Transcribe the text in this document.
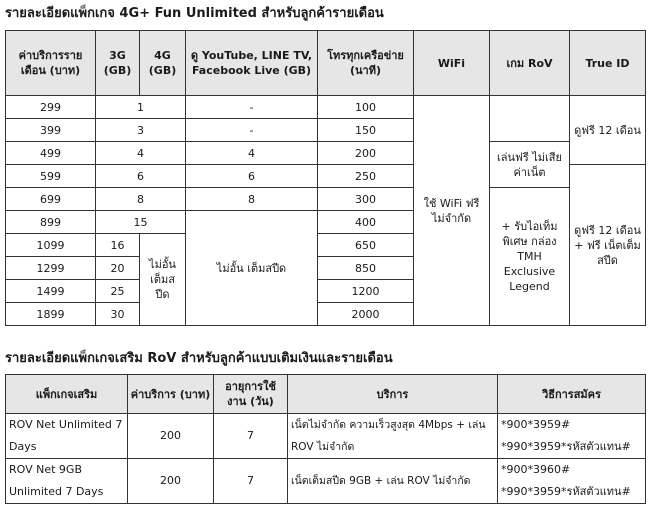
รายละเอียดแพ็กเกจ 4G+ Fun Unlimited สำหรับลูกค้ารายเดือน
ค่าบริการราย เดือน (บาท)	3G (GB)	4G (GB)	ดู YouTube, LINE TV, Facebook Live (GB)	โทรทุกเครือข่าย (นาที)	WiFi	เกม RoV	True ID
299	1		-	100	ใช้ WiFi ฟรี ไม่จำกัด		ดูฟรี 12 เดือน
399	3		-	150			
499	4		4	200		เล่นฟรี ไม่เสีย ค่าเน็ต	
599	6		6	250			ดูฟรี 12 เดือน + ฟรี เน็ตเต็มสปีด
699	8		8	300		+ รับไอเท็ม พิเศษ กล่อง TMH Exclusive Legend	
899	15		ไม่อั้น เต็มสปีด	400			
1099	16	ไม่อั้น เต็มส ปีด		650			
1299	20			850			
1499	25			1200			
1899	30			2000			
รายละเอียดแพ็กเกจเสริม RoV สำหรับลูกค้าแบบเติมเงินและรายเดือน
แพ็กเกจเสริม	ค่าบริการ (บาท)	อายุการใช้ งาน (วัน)	บริการ	วิธีการสมัคร
ROV Net Unlimited 7 Days	200	7	เน็ตไม่จำกัด ความเร็วสูงสุด 4Mbps + เล่น ROV ไม่จำกัด	*900*3959#
*990*3959*รหัสตัวแทน#

ROV Net 9GB Unlimited 7 Days	200	7	เน็ตเต็มสปีด 9GB + เล่น ROV ไม่จำกัด	*900*3960#
*990*3959*รหัสตัวแทน#
